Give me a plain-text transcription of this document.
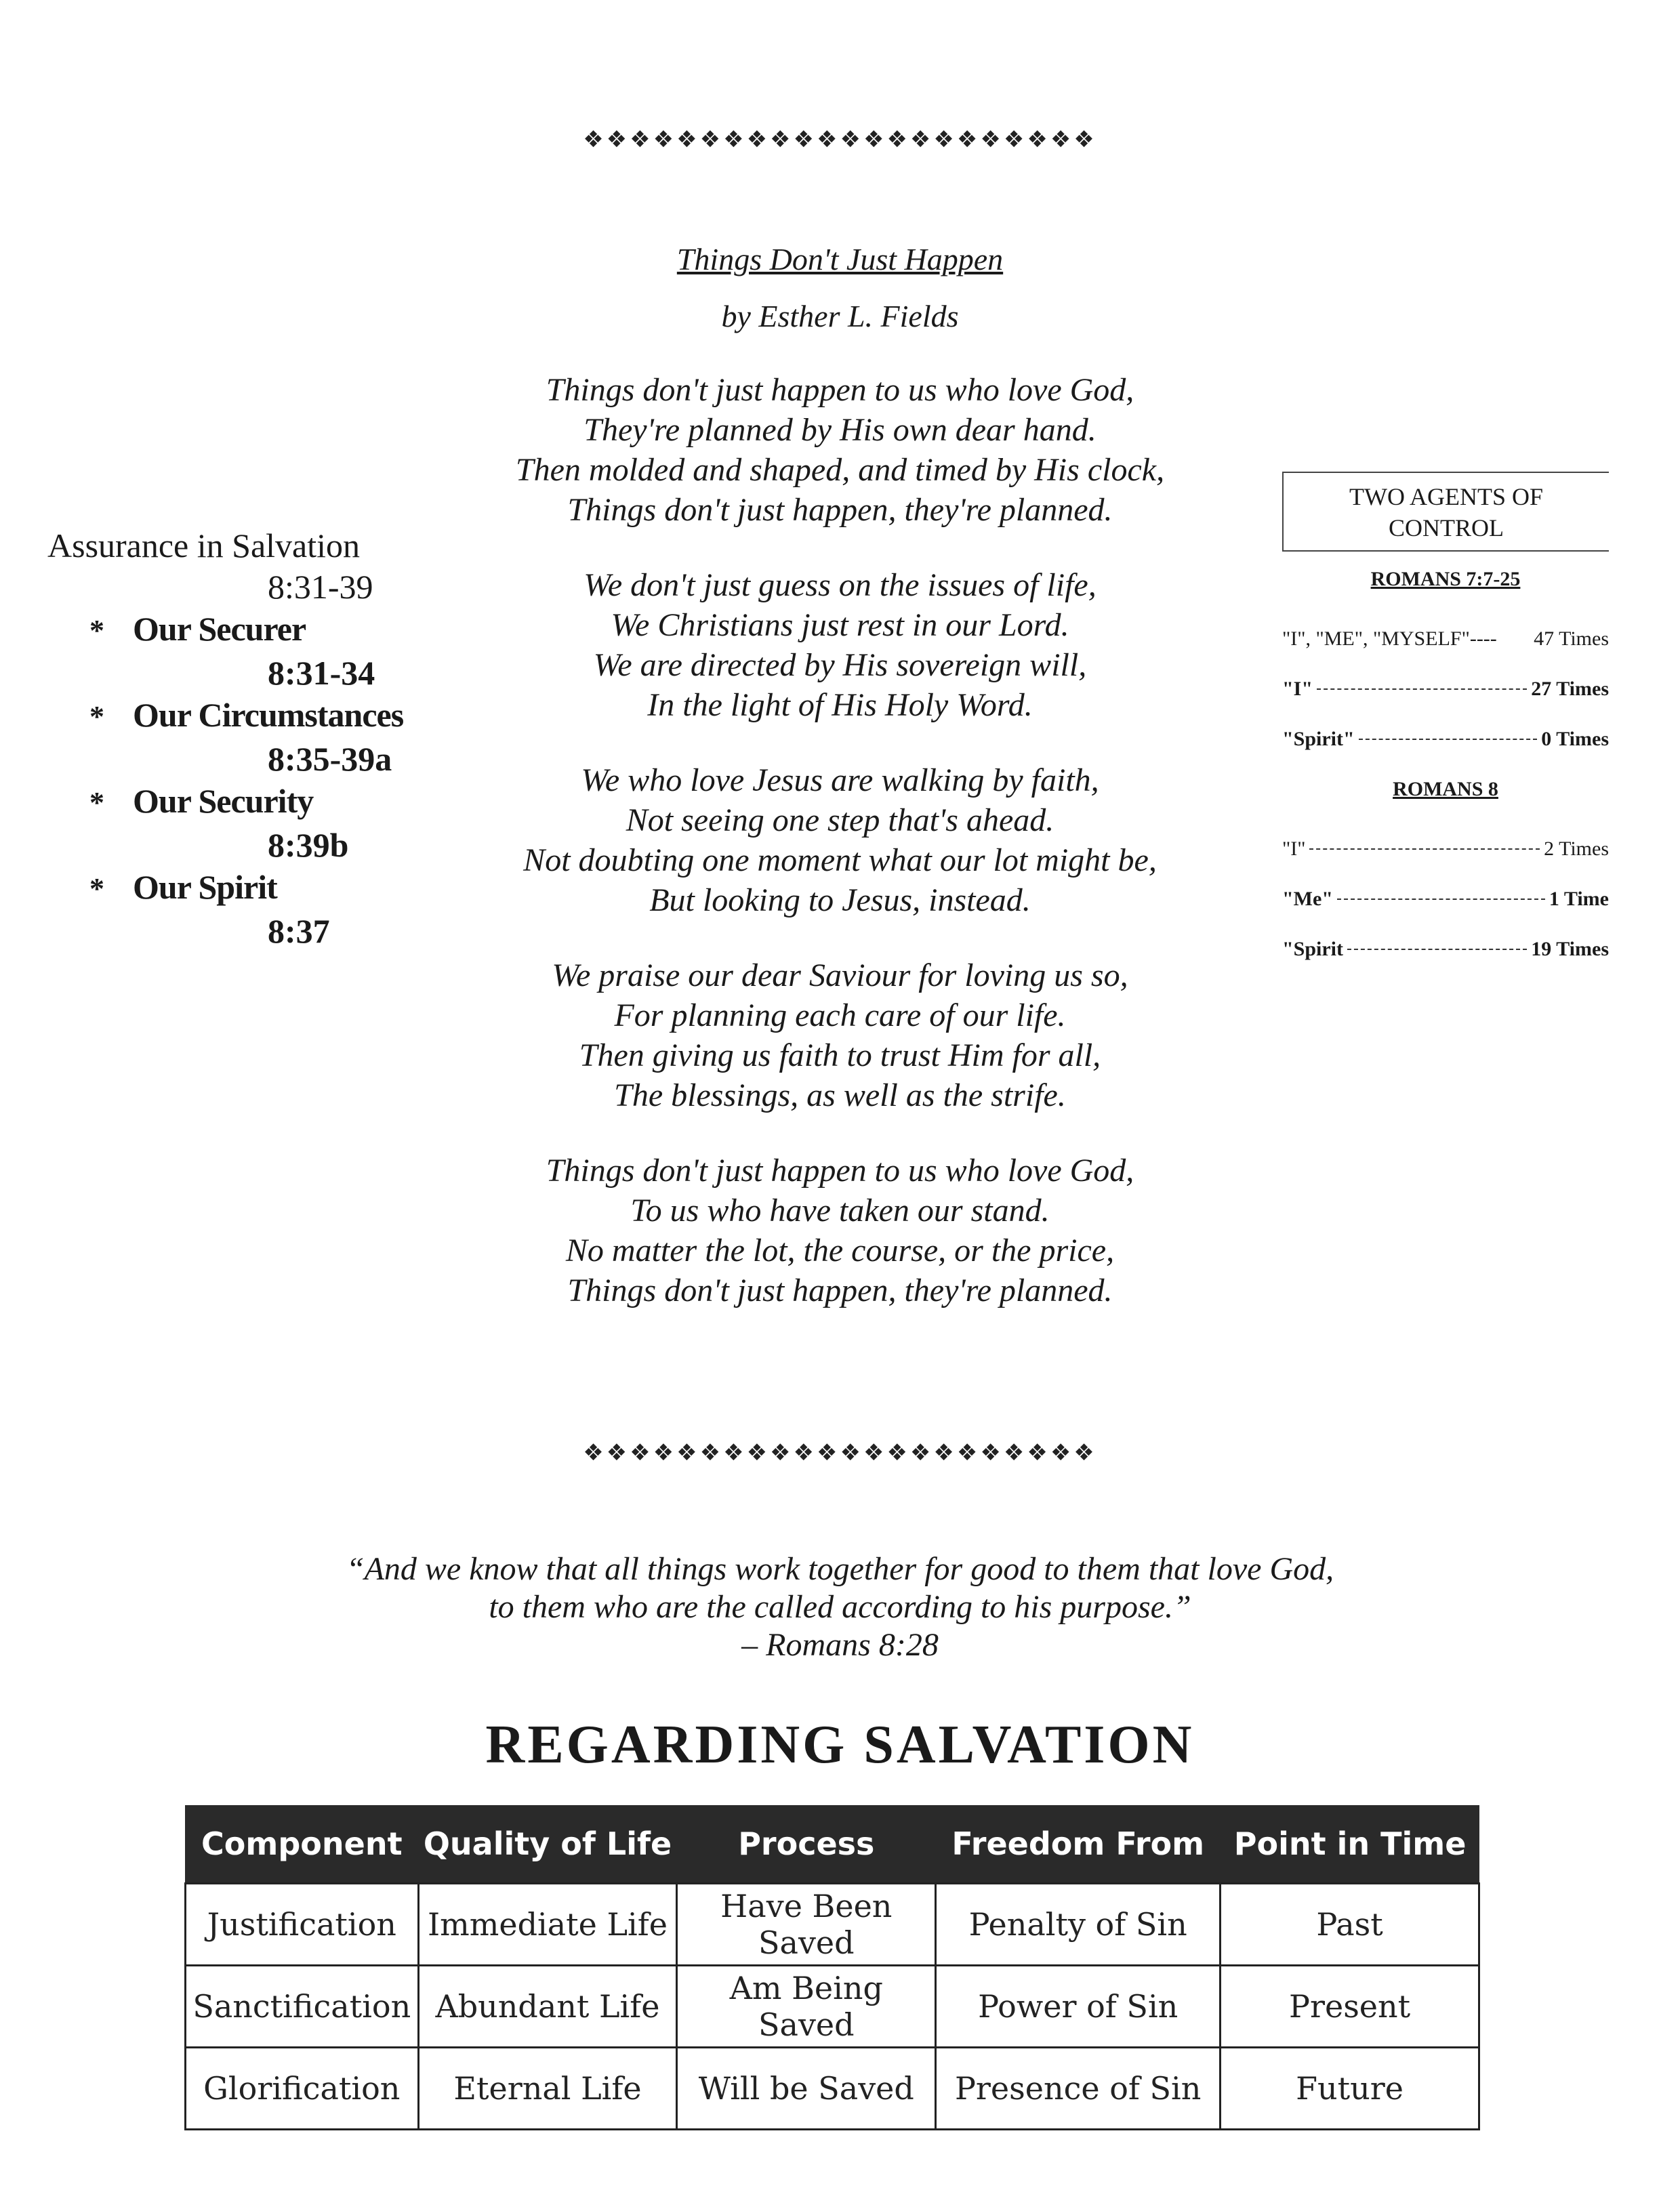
❖❖❖❖❖❖❖❖❖❖❖❖❖❖❖❖❖❖❖❖❖❖
❖❖❖❖❖❖❖❖❖❖❖❖❖❖❖❖❖❖❖❖❖❖
Things Don't Just Happen
by Esther L. Fields
Things don't just happen to us who love God,
They're planned by His own dear hand.
Then molded and shaped, and timed by His clock,
Things don't just happen, they're planned.
We don't just guess on the issues of life,
We Christians just rest in our Lord.
We are directed by His sovereign will,
In the light of His Holy Word.
We who love Jesus are walking by faith,
Not seeing one step that's ahead.
Not doubting one moment what our lot might be,
But looking to Jesus, instead.
We praise our dear Saviour for loving us so,
For planning each care of our life.
Then giving us faith to trust Him for all,
The blessings, as well as the strife.
Things don't just happen to us who love God,
To us who have taken our stand.
No matter the lot, the course, or the price,
Things don't just happen, they're planned.
Assurance in Salvation
8:31-39
* Our Securer
8:31-34
* Our Circumstances
8:35-39a
* Our Security
8:39b
* Our Spirit
8:37
TWO AGENTS OF
CONTROL
ROMANS 7:7-25
"I", "ME", "MYSELF"---- 47 Times
"I"	27 Times
"Spirit"	0 Times
ROMANS 8
"I"	2 Times
"Me"	1 Time
"Spirit	19 Times
“And we know that all things work together for good to them that love God,
to them who are the called according to his purpose.”
– Romans 8:28
REGARDING SALVATION
Component	Quality of Life	Process	Freedom From	Point in Time
Justification	Immediate Life	Have Been Saved	Penalty of Sin	Past
Sanctification	Abundant Life	Am Being Saved	Power of Sin	Present
Glorification	Eternal Life	Will be Saved	Presence of Sin	Future
